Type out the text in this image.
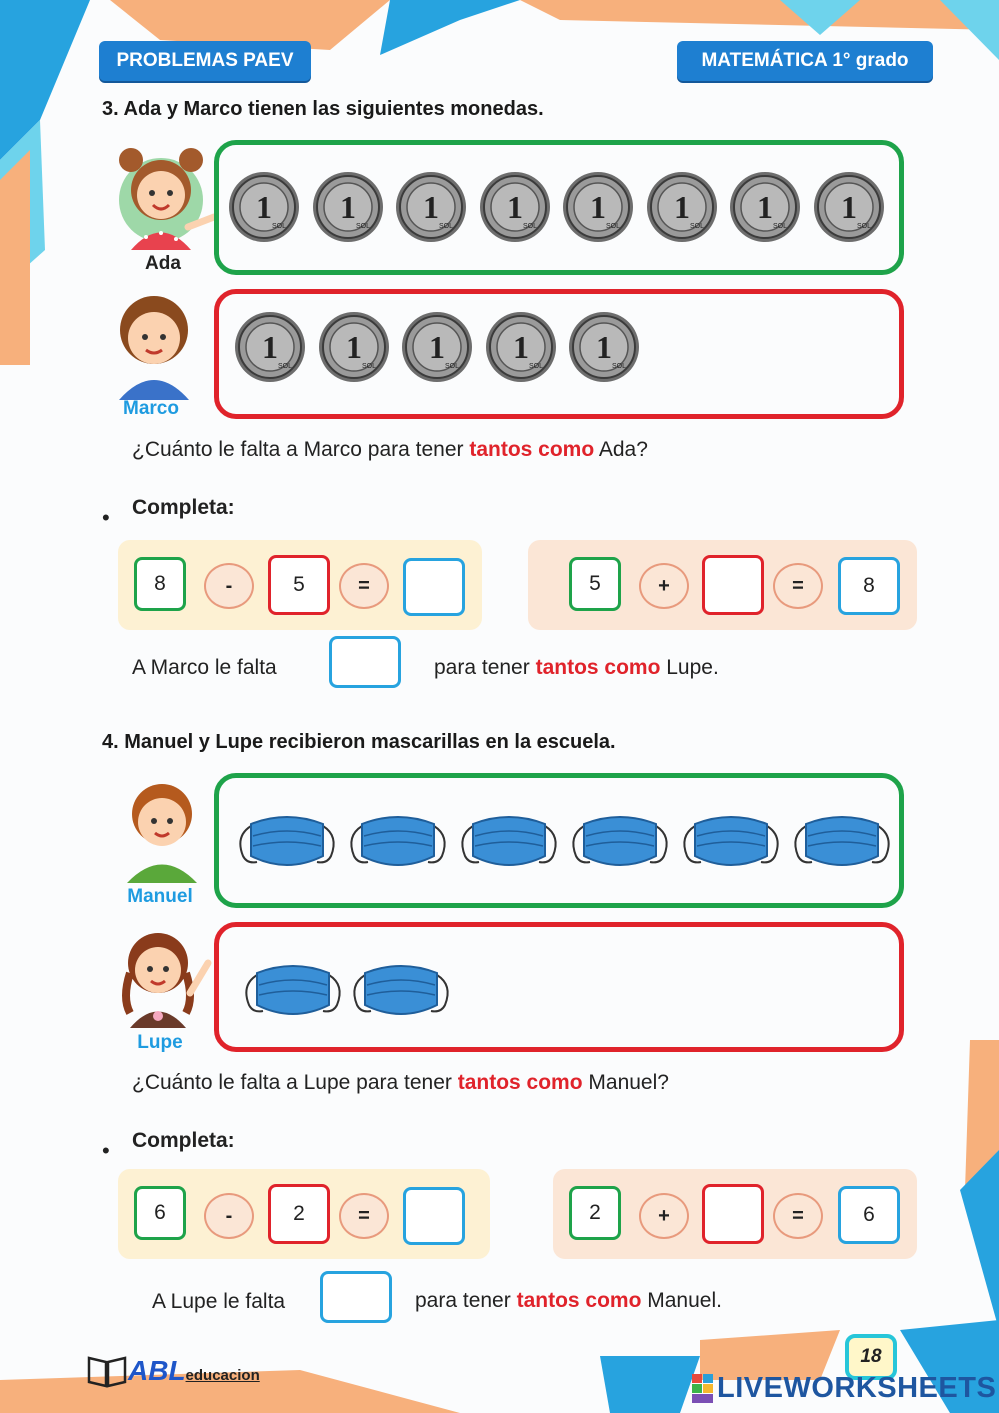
PROBLEMAS PAEV	MATEMÁTICA 1° grado
3. Ada y Marco tienen las siguientes monedas.
Ada
1
SOL
1
SOL
1
SOL
1
SOL
1
SOL
1
SOL
1
SOL
1
SOL
Marco
1
SOL
1
SOL
1
SOL
1
SOL
1
SOL
¿Cuánto le falta a Marco para tener tantos como Ada?
• Completa:
8	-	5	=	5	+	=	8
A Marco le falta	para tener tantos como Lupe.
4. Manuel y Lupe recibieron mascarillas en la escuela.
Manuel
Lupe
¿Cuánto le falta a Lupe para tener tantos como Manuel?
• Completa:
6	-	2	=	2	+	=	6
A Lupe le falta	para tener tantos como Manuel.
ABLeducacion
18
LIVEWORKSHEETS
